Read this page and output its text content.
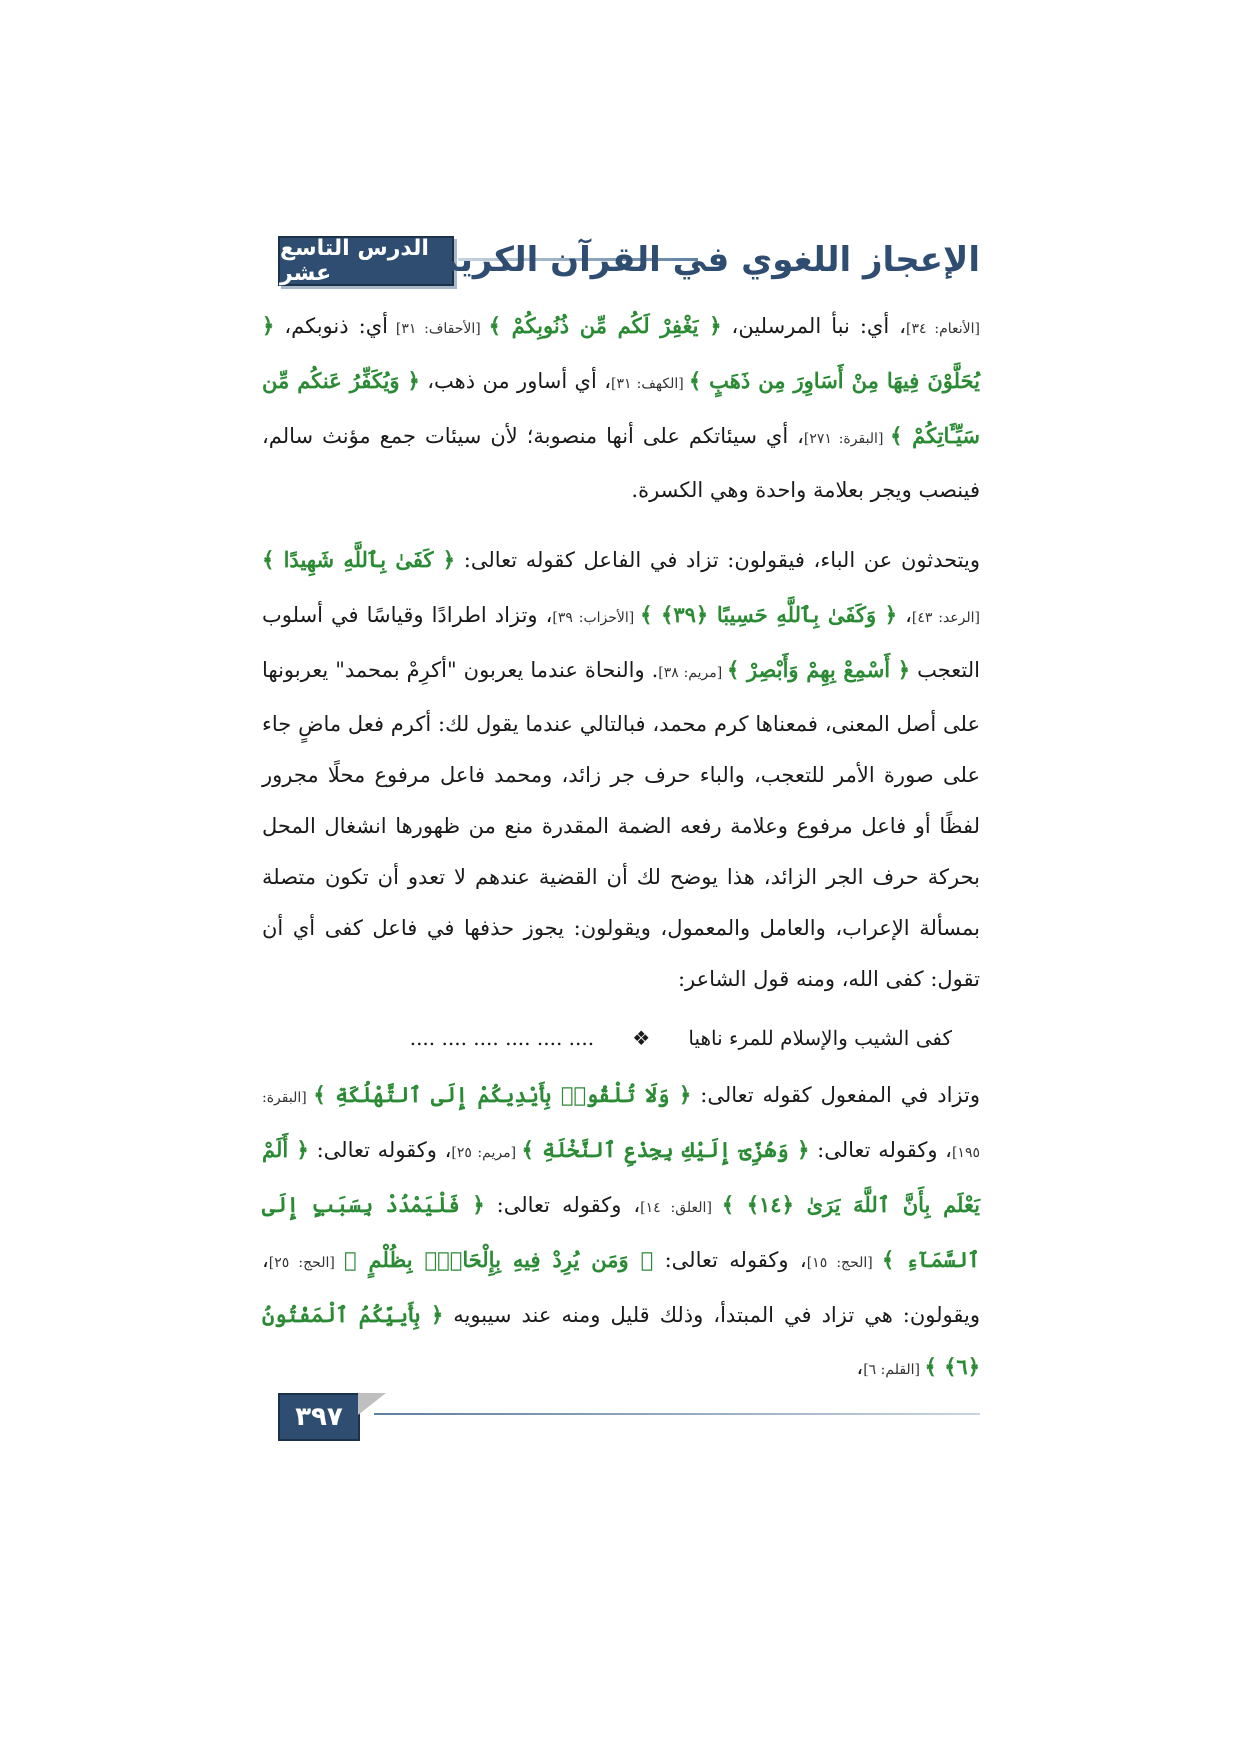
الدرس التاسع عشر	الإعجاز اللغوي في القرآن الكريم

[الأنعام: ٣٤]، أي: نبأ المرسلين، ﴿ يَغْفِرْ لَكُم مِّن ذُنُوبِكُمْ ﴾ [الأحقاف: ٣١] أي: ذنوبكم، ﴿ يُحَلَّوْنَ فِيهَا مِنْ أَسَاوِرَ مِن ذَهَبٍ ﴾ [الكهف: ٣١]، أي أساور من ذهب، ﴿ وَيُكَفِّرُ عَنكُم مِّن سَيِّـَٔاتِكُمْ ﴾ [البقرة: ٢٧١]، أي سيئاتكم على أنها منصوبة؛ لأن سيئات جمع مؤنث سالم، فينصب ويجر بعلامة واحدة وهي الكسرة.

ويتحدثون عن الباء، فيقولون: تزاد في الفاعل كقوله تعالى: ﴿ كَفَىٰ بِٱللَّهِ شَهِيدًا ﴾ [الرعد: ٤٣]، ﴿ وَكَفَىٰ بِٱللَّهِ حَسِيبًا ﴿٣٩﴾ ﴾ [الأحزاب: ٣٩]، وتزاد اطرادًا وقياسًا في أسلوب التعجب ﴿ أَسْمِعْ بِهِمْ وَأَبْصِرْ ﴾ [مريم: ٣٨]. والنحاة عندما يعربون "أكرِمْ بمحمد" يعربونها على أصل المعنى، فمعناها كرم محمد، فبالتالي عندما يقول لك: أكرم فعل ماضٍ جاء على صورة الأمر للتعجب، والباء حرف جر زائد، ومحمد فاعل مرفوع محلًا مجرور لفظًا أو فاعل مرفوع وعلامة رفعه الضمة المقدرة منع من ظهورها انشغال المحل بحركة حرف الجر الزائد، هذا يوضح لك أن القضية عندهم لا تعدو أن تكون متصلة بمسألة الإعراب، والعامل والمعمول، ويقولون: يجوز حذفها في فاعل كفى أي أن تقول: كفى الله، ومنه قول الشاعر:

كفى الشيب والإسلام للمرء ناهيا      ❖      .... .... .... .... .... ....

وتزاد في المفعول كقوله تعالى: ﴿ وَلَا تُلْقُوا۟ بِأَيْدِيكُمْ إِلَى ٱلتَّهْلُكَةِ ﴾ [البقرة: ١٩٥]، وكقوله تعالى: ﴿ وَهُزِّىٓ إِلَيْكِ بِجِذْعِ ٱلنَّخْلَةِ ﴾ [مريم: ٢٥]، وكقوله تعالى: ﴿ أَلَمْ يَعْلَم بِأَنَّ ٱللَّهَ يَرَىٰ ﴿١٤﴾ ﴾ [العلق: ١٤]، وكقوله تعالى: ﴿ فَلْيَمْدُدْ بِسَبَبٍ إِلَى ٱلسَّمَآءِ ﴾ [الحج: ١٥]، وكقوله تعالى: ﴿ وَمَن يُرِدْ فِيهِ بِإِلْحَادٍۭ بِظُلْمٍ ﴾ [الحج: ٢٥]، ويقولون: هي تزاد في المبتدأ، وذلك قليل ومنه عند سيبويه ﴿ بِأَييِّكُمُ ٱلْمَفْتُونُ ﴿٦﴾ ﴾ [القلم: ٦]،

٣٩٧
